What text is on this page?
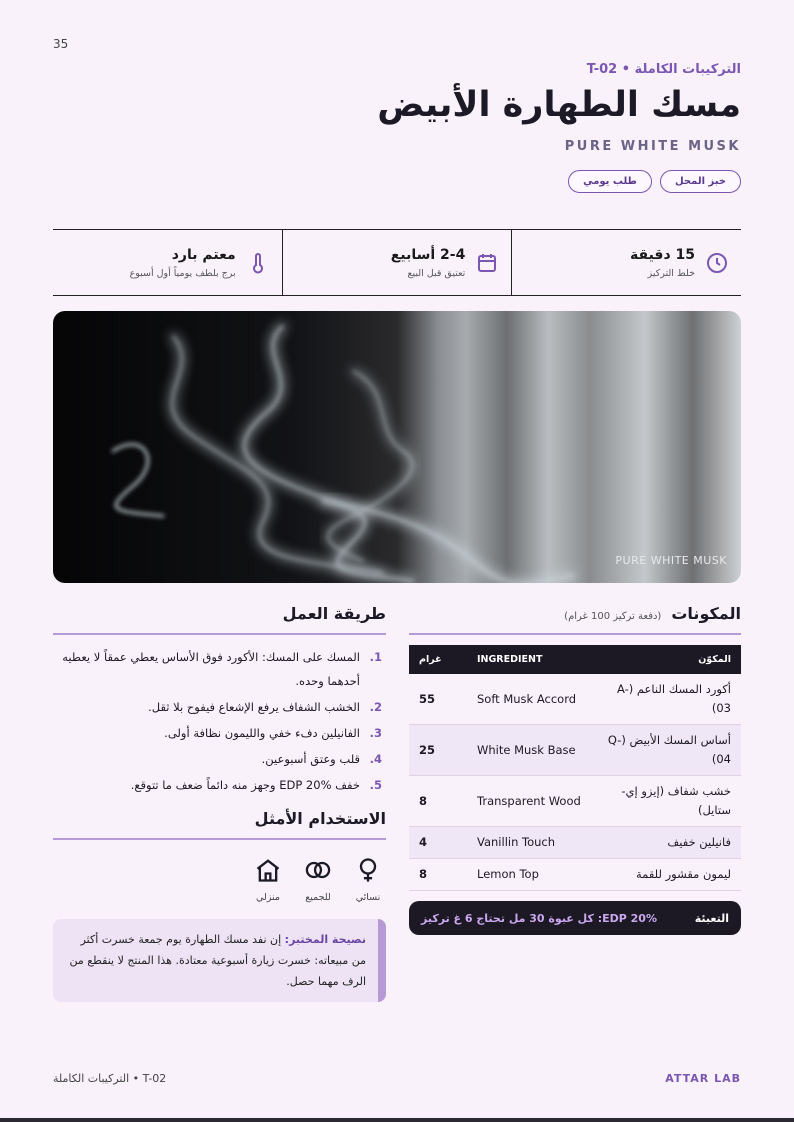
35
التركيبات الكاملة • T-02
مسك الطهارة الأبيض
PURE WHITE MUSK
خبز المحل
طلب يومي
15 دقيقة
خلط التركيز
2-4 أسابيع
تعتيق قبل البيع
معتم بارد
برج بلطف يومياً أول أسبوع
PURE WHITE MUSK
المكونات
(دفعة تركيز 100 غرام)
المكوّن	INGREDIENT	غرام
أكورد المسك الناعم (A-03)	Soft Musk Accord	55
أساس المسك الأبيض (Q-04)	White Musk Base	25
خشب شفاف (إيزو إي-ستايل)	Transparent Wood	8
فانيلين خفيف	Vanillin Touch	4
ليمون مقشور للقمة	Lemon Top	8
التعبئة
EDP 20%: كل عبوة 30 مل تحتاج 6 غ تركيز
طريقة العمل
1.
المسك على المسك: الأكورد فوق الأساس يعطي عمقاً لا يعطيه أحدهما وحده.
2.
الخشب الشفاف يرفع الإشعاع فيفوح بلا ثقل.
3.
الفانيلين دفء خفي والليمون نظافة أولى.
4.
قلب وعتق أسبوعين.
5.
خفف EDP 20% وجهز منه دائماً ضعف ما تتوقع.
الاستخدام الأمثل
نسائي
للجميع
منزلي
نصيحة المختبر: إن نفد مسك الطهارة يوم جمعة خسرت أكثر من مبيعاته: خسرت زيارة أسبوعية معتادة. هذا المنتج لا ينقطع من الرف مهما حصل.
التركيبات الكاملة • T-02	ATTAR LAB
